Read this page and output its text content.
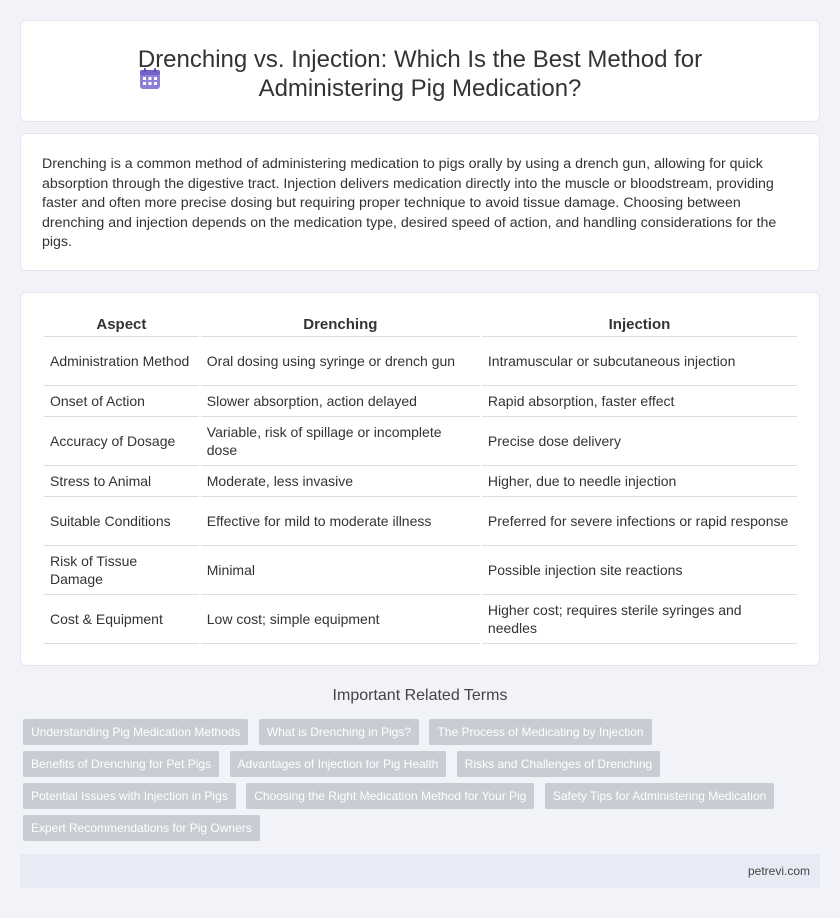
Drenching vs. Injection: Which Is the Best Method for
Administering Pig Medication?

Drenching is a common method of administering medication to pigs orally by using a drench gun, allowing for quick absorption through the digestive tract. Injection delivers medication directly into the muscle or bloodstream, providing faster and often more precise dosing but requiring proper technique to avoid tissue damage. Choosing between drenching and injection depends on the medication type, desired speed of action, and handling considerations for the pigs.

Aspect	Drenching	Injection
Administration Method	Oral dosing using syringe or drench gun	Intramuscular or subcutaneous injection
Onset of Action	Slower absorption, action delayed	Rapid absorption, faster effect
Accuracy of Dosage	Variable, risk of spillage or incomplete dose	Precise dose delivery
Stress to Animal	Moderate, less invasive	Higher, due to needle injection
Suitable Conditions	Effective for mild to moderate illness	Preferred for severe infections or rapid response
Risk of Tissue Damage	Minimal	Possible injection site reactions
Cost & Equipment	Low cost; simple equipment	Higher cost; requires sterile syringes and needles
Important Related Terms
Understanding Pig Medication Methods What is Drenching in Pigs? The Process of Medicating by Injection Benefits of Drenching for Pet Pigs Advantages of Injection for Pig Health Risks and Challenges of Drenching Potential Issues with Injection in Pigs Choosing the Right Medication Method for Your Pig Safety Tips for Administering Medication Expert Recommendations for Pig Owners
petrevi.com
